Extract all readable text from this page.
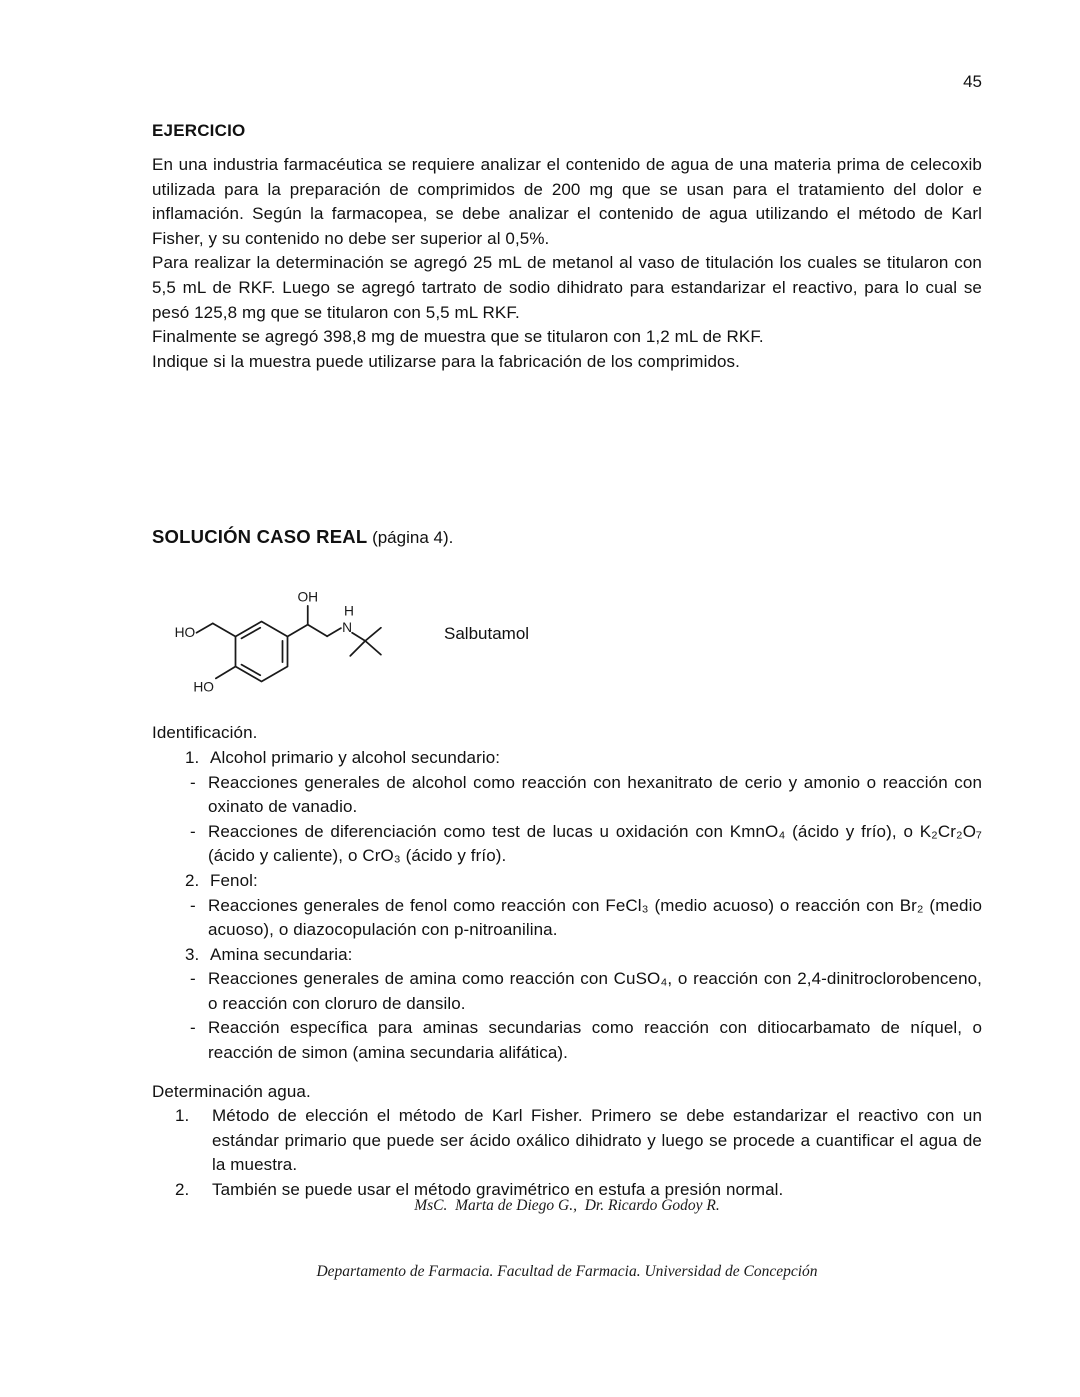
45
EJERCICIO

En una industria farmacéutica se requiere analizar el contenido de agua de una materia prima de celecoxib utilizada para la preparación de comprimidos de 200 mg que se usan para el tratamiento del dolor e inflamación. Según la farmacopea, se debe analizar el contenido de agua utilizando el método de Karl Fisher, y su contenido no debe ser superior al 0,5%.

Para realizar la determinación se agregó 25 mL de metanol al vaso de titulación los cuales se titularon con 5,5 mL de RKF. Luego se agregó tartrato de sodio dihidrato para estandarizar el reactivo, para lo cual se pesó 125,8 mg que se titularon con 5,5 mL RKF.

Finalmente se agregó 398,8 mg de muestra que se titularon con 1,2 mL de RKF.

Indique si la muestra puede utilizarse para la fabricación de los comprimidos.

SOLUCIÓN CASO REAL (página 4).
OH
HO
HO
H
N	Salbutamol

Identificación.

1. Alcohol primario y alcohol secundario:
- Reacciones generales de alcohol como reacción con hexanitrato de cerio y amonio o reacción con oxinato de vanadio.
- Reacciones de diferenciación como test de lucas u oxidación con KmnO₄ (ácido y frío), o K₂Cr₂O₇ (ácido y caliente), o CrO₃ (ácido y frío).
2. Fenol:
- Reacciones generales de fenol como reacción con FeCl₃ (medio acuoso) o reacción con Br₂ (medio acuoso), o diazocopulación con p-nitroanilina.
3. Amina secundaria:
- Reacciones generales de amina como reacción con CuSO₄, o reacción con 2,4-dinitroclorobenceno, o reacción con cloruro de dansilo.
- Reacción específica para aminas secundarias como reacción con ditiocarbamato de níquel, o reacción de simon (amina secundaria alifática).

Determinación agua.

1.	Método de elección el método de Karl Fisher. Primero se debe estandarizar el reactivo con un estándar primario que puede ser ácido oxálico dihidrato y luego se procede a cuantificar el agua de la muestra.
2.	También se puede usar el método gravimétrico en estufa a presión normal.

MsC.  Marta de Diego G.,  Dr. Ricardo Godoy R.

Departamento de Farmacia. Facultad de Farmacia. Universidad de Concepción
